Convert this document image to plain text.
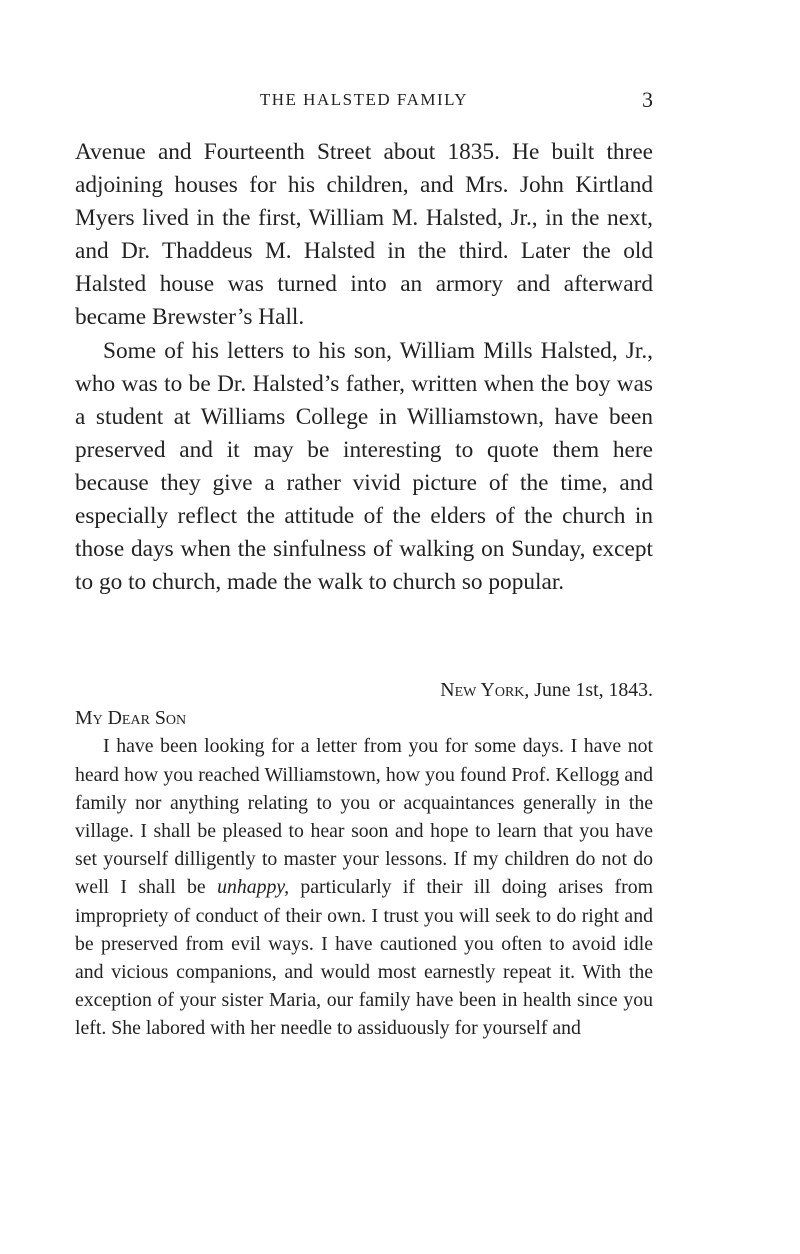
THE HALSTED FAMILY	3

Avenue and Fourteenth Street about 1835. He built three adjoining houses for his children, and Mrs. John Kirtland Myers lived in the first, William M. Halsted, Jr., in the next, and Dr. Thaddeus M. Halsted in the third. Later the old Halsted house was turned into an armory and afterward became Brewster’s Hall.

Some of his letters to his son, William Mills Halsted, Jr., who was to be Dr. Halsted’s father, written when the boy was a student at Williams College in Williamstown, have been preserved and it may be interesting to quote them here because they give a rather vivid picture of the time, and especially reflect the attitude of the elders of the church in those days when the sinfulness of walking on Sunday, except to go to church, made the walk to church so popular.

New York, June 1st, 1843.
My Dear Son

I have been looking for a letter from you for some days. I have not heard how you reached Williamstown, how you found Prof. Kellogg and family nor anything relating to you or acquaintances generally in the village. I shall be pleased to hear soon and hope to learn that you have set yourself dilligently to master your lessons. If my children do not do well I shall be unhappy, particularly if their ill doing arises from impropriety of conduct of their own. I trust you will seek to do right and be preserved from evil ways. I have cautioned you often to avoid idle and vicious companions, and would most earnestly repeat it. With the exception of your sister Maria, our family have been in health since you left. She labored with her needle to assiduously for yourself and
